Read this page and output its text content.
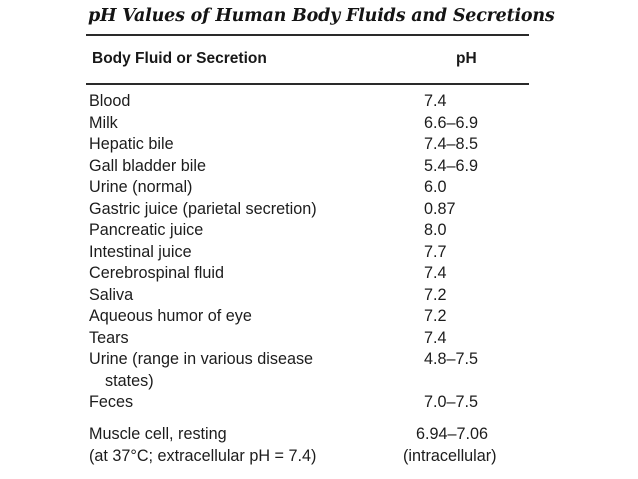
pH Values of Human Body Fluids and Secretions
Body Fluid or Secretion	pH
Blood	7.4
Milk	6.6–6.9
Hepatic bile	7.4–8.5
Gall bladder bile	5.4–6.9
Urine (normal)	6.0
Gastric juice (parietal secretion)	0.87
Pancreatic juice	8.0
Intestinal juice	7.7
Cerebrospinal fluid	7.4
Saliva	7.2
Aqueous humor of eye	7.2
Tears	7.4
Urine (range in various disease	4.8–7.5
states)
Feces	7.0–7.5
Muscle cell, resting	6.94–7.06
(at 37°C; extracellular pH = 7.4)	(intracellular)
